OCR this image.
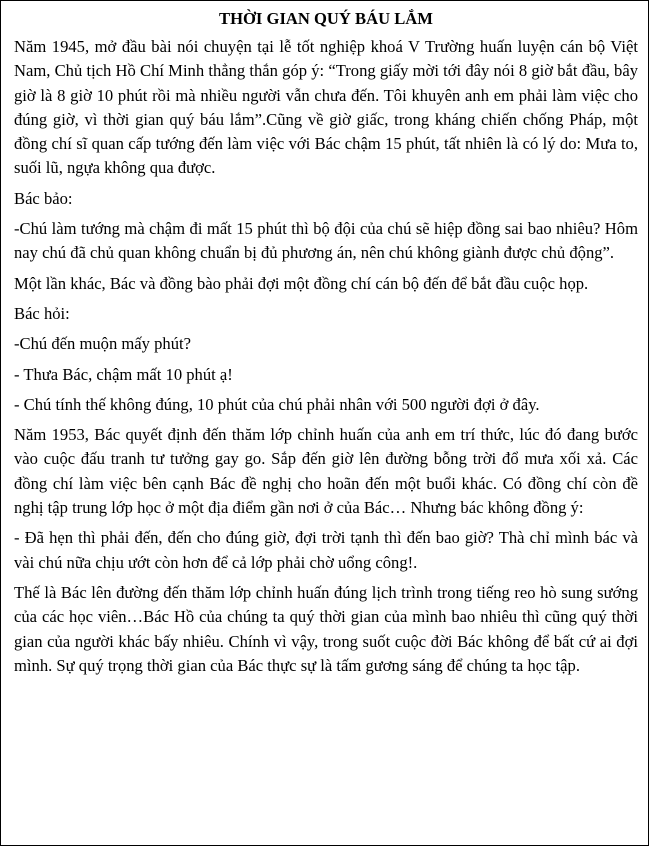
THỜI GIAN QUÝ BÁU LẮM

Năm 1945, mở đầu bài nói chuyện tại lễ tốt nghiệp khoá V Trường huấn luyện cán bộ Việt Nam, Chủ tịch Hồ Chí Minh thẳng thắn góp ý: “Trong giấy mời tới đây nói 8 giờ bắt đầu, bây giờ là 8 giờ 10 phút rồi mà nhiều người vẫn chưa đến. Tôi khuyên anh em phải làm việc cho đúng giờ, vì thời gian quý báu lắm”.Cũng về giờ giấc, trong kháng chiến chống Pháp, một đồng chí sĩ quan cấp tướng đến làm việc với Bác chậm 15 phút, tất nhiên là có lý do: Mưa to, suối lũ, ngựa không qua được.

Bác bảo:

-Chú làm tướng mà chậm đi mất 15 phút thì bộ đội của chú sẽ hiệp đồng sai bao nhiêu? Hôm nay chú đã chủ quan không chuẩn bị đủ phương án, nên chú không giành được chủ động”.

Một lần khác, Bác và đồng bào phải đợi một đồng chí cán bộ đến để bắt đầu cuộc họp.

Bác hỏi:

-Chú đến muộn mấy phút?

- Thưa Bác, chậm mất 10 phút ạ!

- Chú tính thế không đúng, 10 phút của chú phải nhân với 500 người đợi ở đây.

Năm 1953, Bác quyết định đến thăm lớp chỉnh huấn của anh em trí thức, lúc đó đang bước vào cuộc đấu tranh tư tưởng gay go. Sắp đến giờ lên đường bỗng trời đổ mưa xối xả. Các đồng chí làm việc bên cạnh Bác đề nghị cho hoãn đến một buổi khác. Có đồng chí còn đề nghị tập trung lớp học ở một địa điểm gần nơi ở của Bác… Nhưng bác không đồng ý:

- Đã hẹn thì phải đến, đến cho đúng giờ, đợi trời tạnh thì đến bao giờ? Thà chỉ mình bác và vài chú nữa chịu ướt còn hơn để cả lớp phải chờ uổng công!.

Thế là Bác lên đường đến thăm lớp chỉnh huấn đúng lịch trình trong tiếng reo hò sung sướng của các học viên…Bác Hồ của chúng ta quý thời gian của mình bao nhiêu thì cũng quý thời gian của người khác bấy nhiêu. Chính vì vậy, trong suốt cuộc đời Bác không để bất cứ ai đợi mình. Sự quý trọng thời gian của Bác thực sự là tấm gương sáng để chúng ta học tập.
